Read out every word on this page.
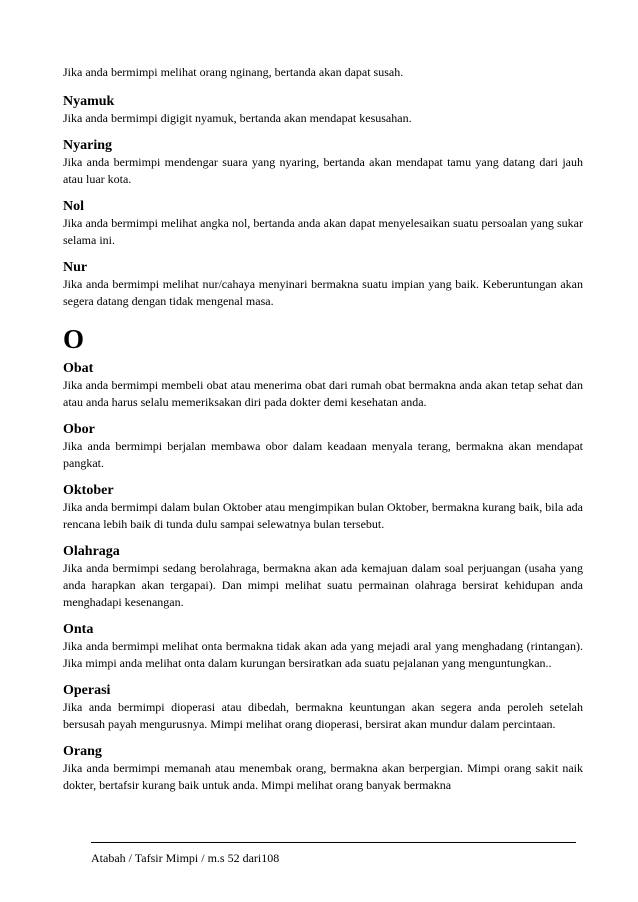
Jika anda bermimpi melihat orang nginang, bertanda akan dapat susah.

Nyamuk

Jika anda bermimpi digigit nyamuk, bertanda akan mendapat kesusahan.

Nyaring

Jika anda bermimpi mendengar suara yang nyaring, bertanda akan mendapat tamu yang datang dari jauh atau luar kota.

Nol

Jika anda bermimpi melihat angka nol, bertanda anda akan dapat menyelesaikan suatu persoalan yang sukar selama ini.

Nur

Jika anda bermimpi melihat nur/cahaya menyinari bermakna suatu impian yang baik. Keberuntungan akan segera datang dengan tidak mengenal masa.

O

Obat

Jika anda bermimpi membeli obat atau menerima obat dari rumah obat bermakna anda akan tetap sehat dan atau anda harus selalu memeriksakan diri pada dokter demi kesehatan anda.

Obor

Jika anda bermimpi berjalan membawa obor dalam keadaan menyala terang, bermakna akan mendapat pangkat.

Oktober

Jika anda bermimpi dalam bulan Oktober atau mengimpikan bulan Oktober, bermakna kurang baik, bila ada rencana lebih baik di tunda dulu sampai selewatnya bulan tersebut.

Olahraga

Jika anda bermimpi sedang berolahraga, bermakna akan ada kemajuan dalam soal perjuangan (usaha yang anda harapkan akan tergapai). Dan mimpi melihat suatu permainan olahraga bersirat kehidupan anda menghadapi kesenangan.

Onta

Jika anda bermimpi melihat onta bermakna tidak akan ada yang mejadi aral yang menghadang (rintangan). Jika mimpi anda melihat onta dalam kurungan bersiratkan ada suatu pejalanan yang menguntungkan..

Operasi

Jika anda bermimpi dioperasi atau dibedah, bermakna keuntungan akan segera anda peroleh setelah bersusah payah mengurusnya. Mimpi melihat orang dioperasi, bersirat akan mundur dalam percintaan.

Orang

Jika anda bermimpi memanah atau menembak orang, bermakna akan berpergian. Mimpi orang sakit naik dokter, bertafsir kurang baik untuk anda. Mimpi melihat orang banyak bermakna

Atabah / Tafsir Mimpi / m.s 52 dari108
